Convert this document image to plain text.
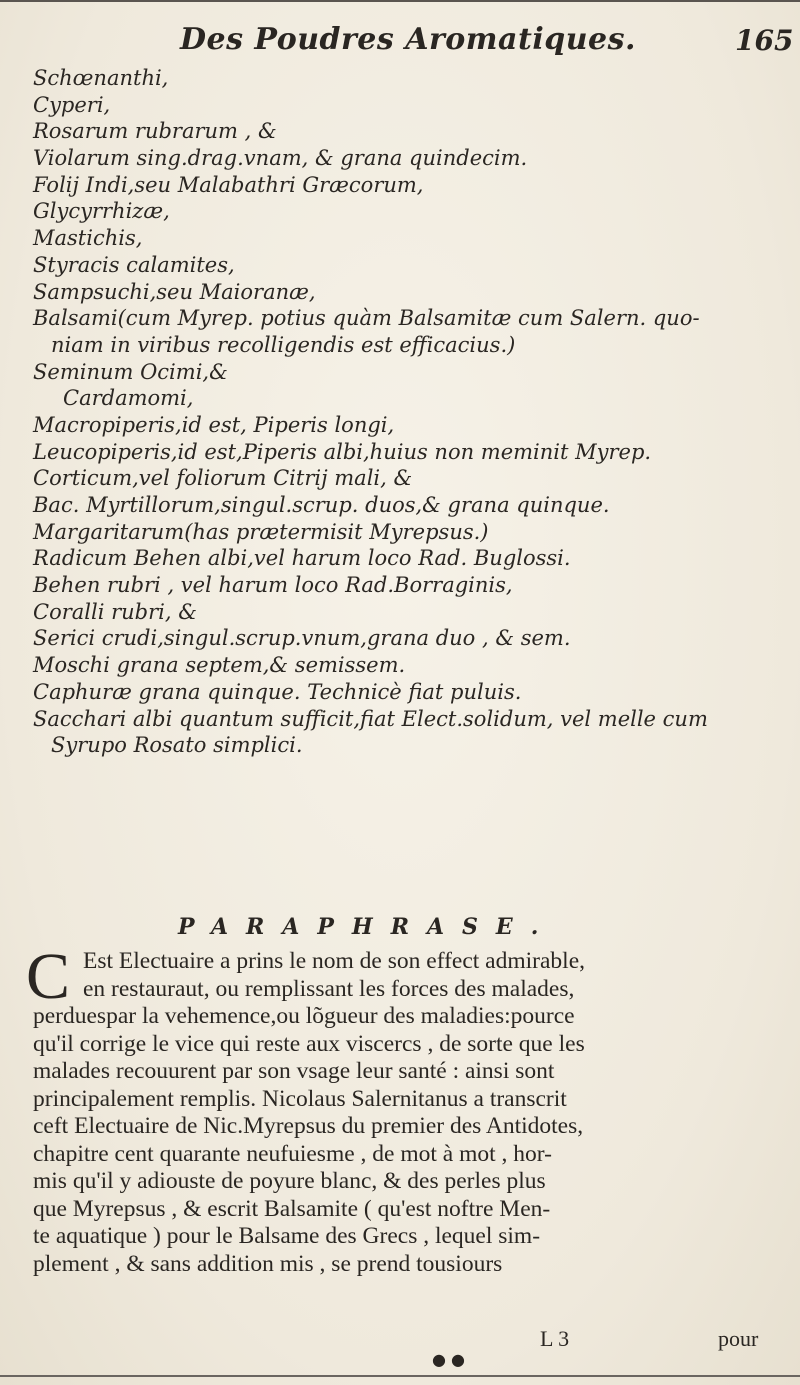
Des Poudres Aromatiques.	165
Schœnanthi,
Cyperi,
Rosarum rubrarum , &
Violarum sing.drag.vnam, & grana quindecim.
Folij Indi,seu Malabathri Græcorum,
Glycyrrhizæ,
Mastichis,
Styracis calamites,
Sampsuchi,seu Maioranæ,
Balsami(cum Myrep. potius quàm Balsamitæ cum Salern. quo-
niam in viribus recolligendis est efficacius.)
Seminum Ocimi,&
Cardamomi,
Macropiperis,id est, Piperis longi,
Leucopiperis,id est,Piperis albi,huius non meminit Myrep.
Corticum,vel foliorum Citrij mali, &
Bac. Myrtillorum,singul.scrup. duos,& grana quinque.
Margaritarum(has prætermisit Myrepsus.)
Radicum Behen albi,vel harum loco Rad. Buglossi.
Behen rubri , vel harum loco Rad.Borraginis,
Coralli rubri, &
Serici crudi,singul.scrup.vnum,grana duo , & sem.
Moschi grana septem,& semissem.
Caphuræ grana quinque. Technicè fiat puluis.
Sacchari albi quantum sufficit,fiat Elect.solidum, vel melle cum
Syrupo Rosato simplici.
PARAPHRASE.
C Est Electuaire a prins le nom de son effect admirable,
en restauraut, ou remplissant les forces des malades,
perduespar la vehemence,ou lõgueur des maladies:pource
qu'il corrige le vice qui reste aux viscercs , de sorte que les
malades recouurent par son vsage leur santé : ainsi sont
principalement remplis. Nicolaus Salernitanus a transcrit
ceft Electuaire de Nic.Myrepsus du premier des Antidotes,
chapitre cent quarante neufuiesme , de mot à mot , hor-
mis qu'il y adiouste de poyure blanc, & des perles plus
que Myrepsus , & escrit Balsamite ( qu'est noftre Men-
te aquatique ) pour le Balsame des Grecs , lequel sim-
plement , & sans addition mis , se prend tousiours
L 3	pour
● ●
